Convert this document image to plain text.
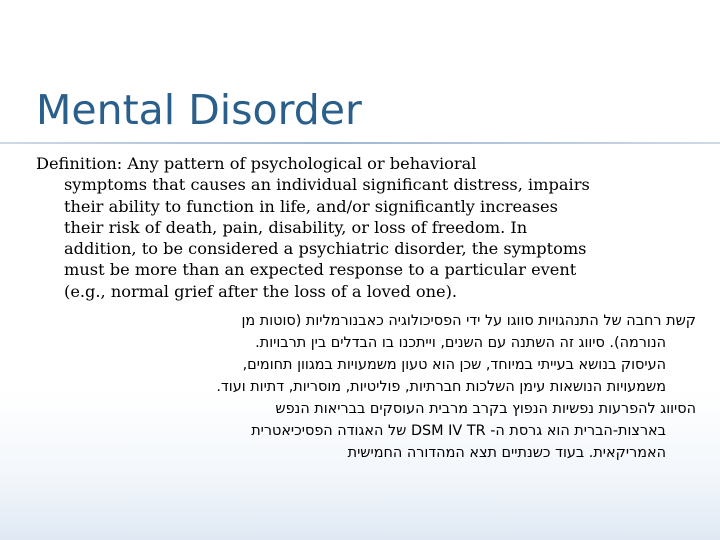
Mental Disorder
Definition: Any pattern of psychological or behavioral
symptoms that causes an individual significant distress, impairs
their ability to function in life, and/or significantly increases
their risk of death, pain, disability, or loss of freedom. In
addition, to be considered a psychiatric disorder, the symptoms
must be more than an expected response to a particular event
(e.g., normal grief after the loss of a loved one).
קשת רחבה של התנהגויות סווגו על ידי הפסיכולוגיה כאבנורמליות (סוטות מן
הנורמה). סיווג זה השתנה עם השנים, וייתכנו בו הבדלים בין תרבויות.
העיסוק בנושא בעייתי במיוחד, שכן הוא טעון משמעויות במגוון תחומים,
משמעויות הנושאות עימן השלכות חברתיות, פוליטיות, מוסריות, דתיות ועוד.
הסיווג להפרעות נפשיות הנפוץ בקרב מרבית העוסקים בבריאות הנפש
בארצות-הברית הוא גרסת ה- DSM IV TR של האגודה הפסיכיאטרית
האמריקאית. בעוד כשנתיים תצא המהדורה החמישית
